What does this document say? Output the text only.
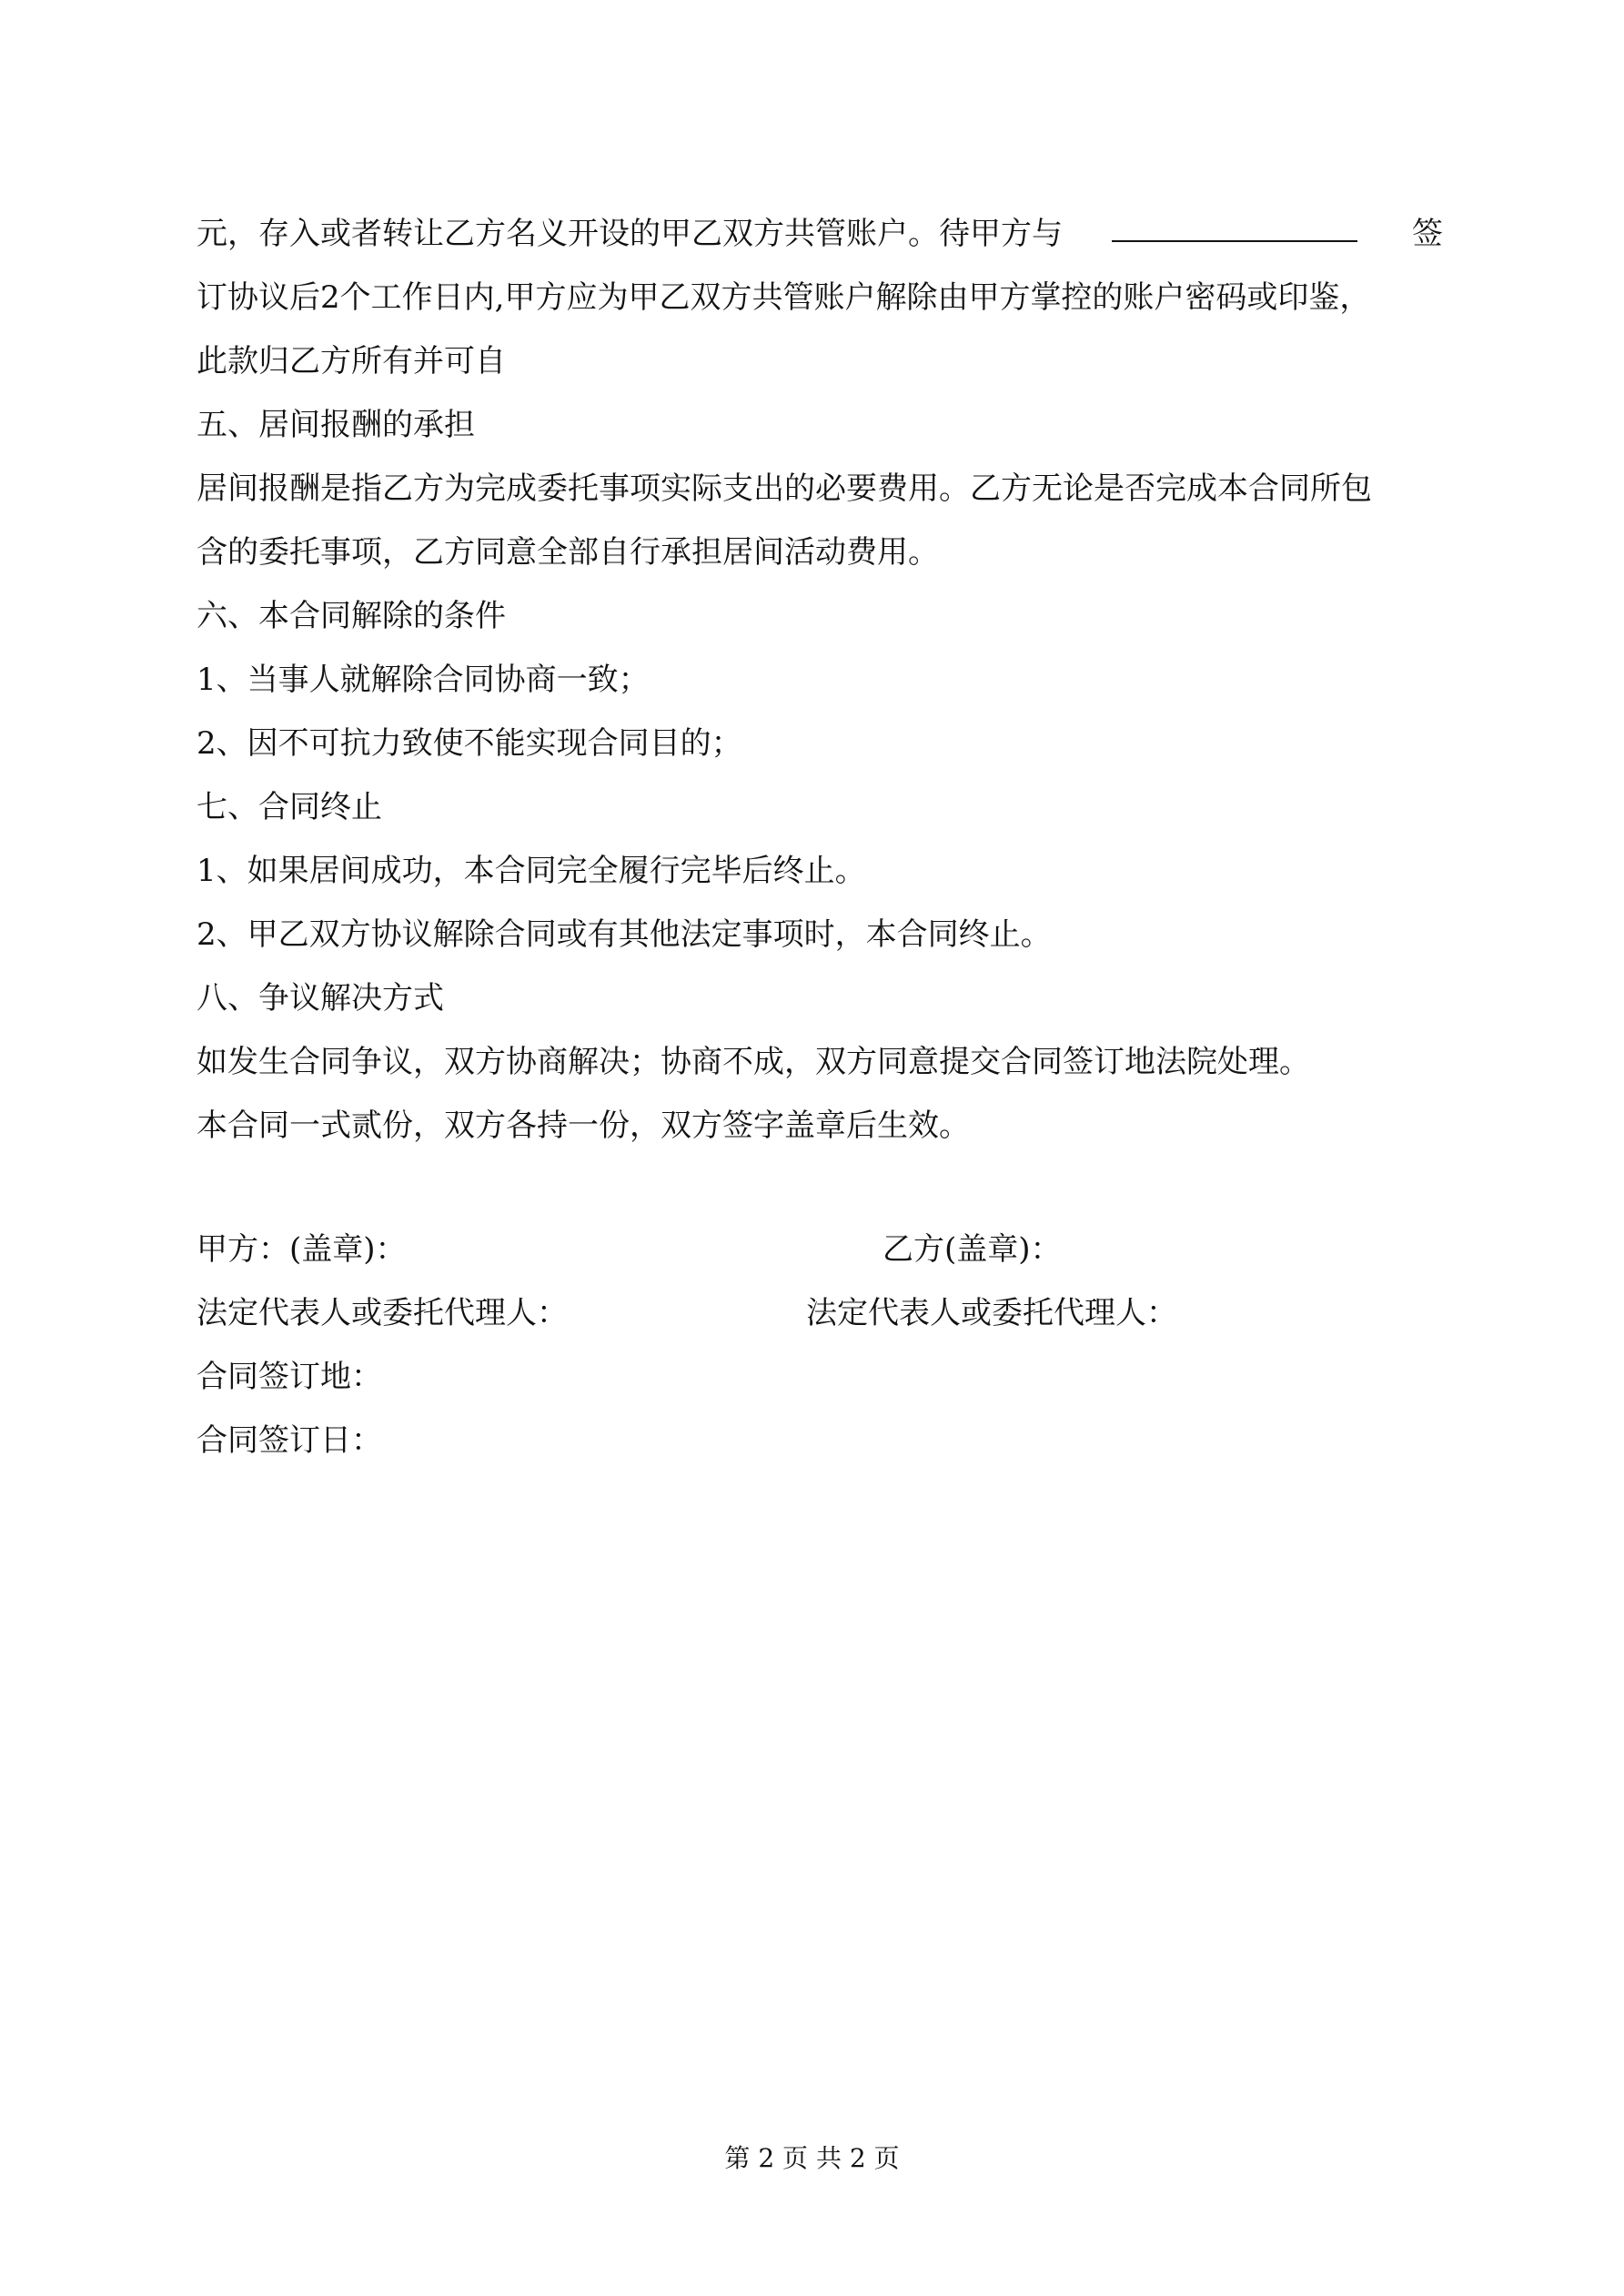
元，存入或者转让乙方名义开设的甲乙双方共管账户。待甲方与	签
订协议后2个工作日内,甲方应为甲乙双方共管账户解除由甲方掌控的账户密码或印鉴，
此款归乙方所有并可自
五、居间报酬的承担
居间报酬是指乙方为完成委托事项实际支出的必要费用。乙方无论是否完成本合同所包
含的委托事项，乙方同意全部自行承担居间活动费用。
六、本合同解除的条件
1、当事人就解除合同协商一致；
2、因不可抗力致使不能实现合同目的；
七、合同终止
1、如果居间成功，本合同完全履行完毕后终止。
2、甲乙双方协议解除合同或有其他法定事项时，本合同终止。
八、争议解决方式
如发生合同争议，双方协商解决；协商不成，双方同意提交合同签订地法院处理。
本合同一式贰份，双方各持一份，双方签字盖章后生效。
甲方：(盖章)：	乙方(盖章)：
法定代表人或委托代理人：	法定代表人或委托代理人：
合同签订地：
合同签订日：
第 2 页 共 2 页
